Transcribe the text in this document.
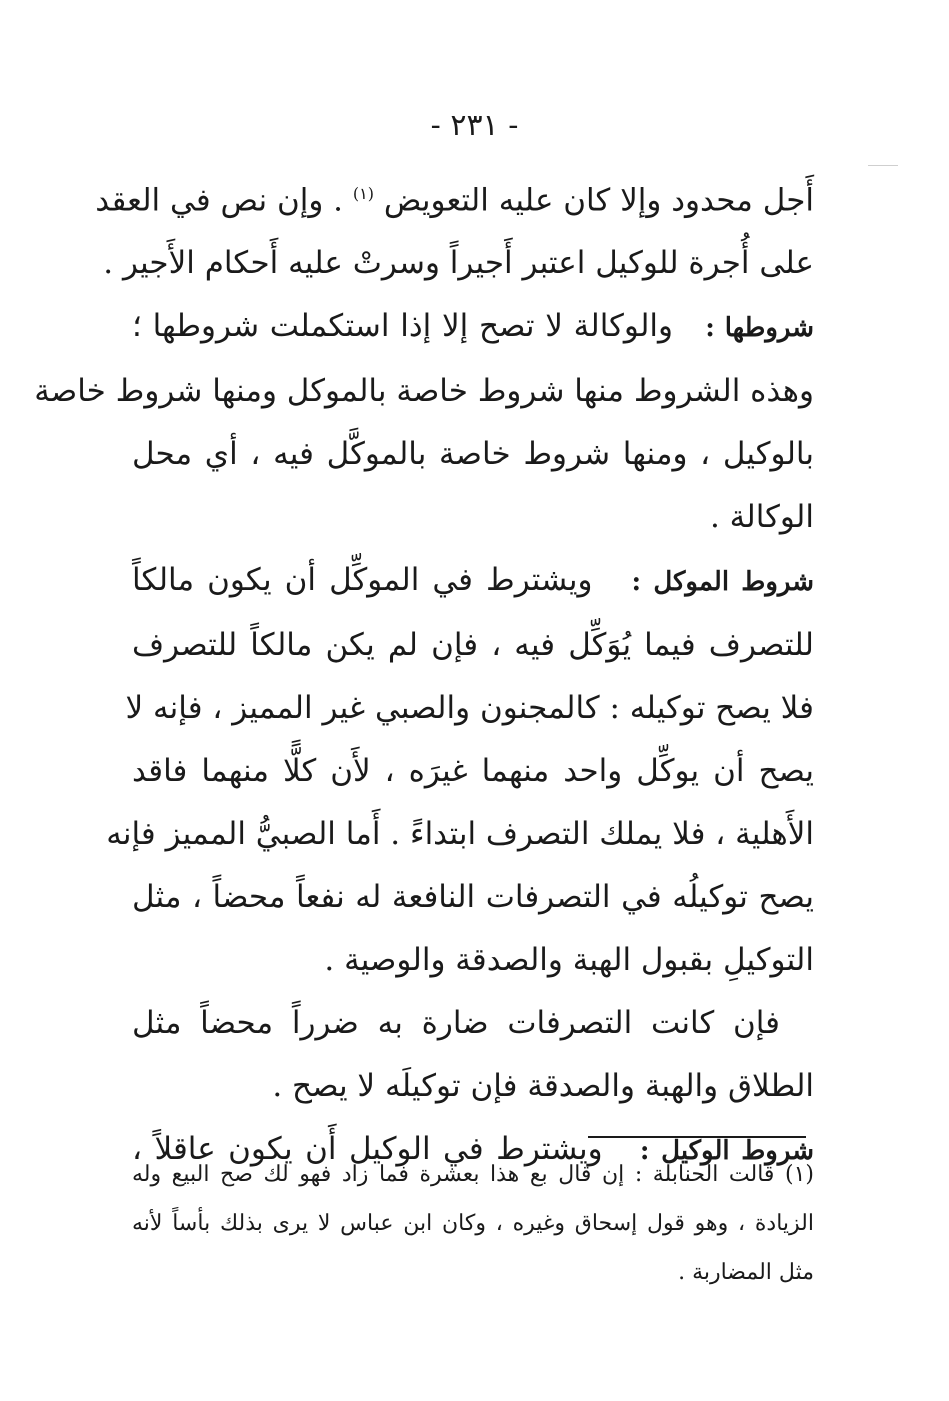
- ٢٣١ -
أَجل محدود وإلا كان عليه التعويض $^{(١)}$ . وإن نص في العقد
على أُجرة للوكيل اعتبر أَجيراً وسرتْ عليه أَحكام الأَجير .
شروطها :   والوكالة لا تصح إلا إذا استكملت شروطها ؛
وهذه الشروط منها شروط خاصة بالموكل ومنها شروط خاصة
بالوكيل ، ومنها شروط خاصة بالموكَّل فيه ، أي محل
الوكالة .
شروط الموكل :   ويشترط في الموكِّل أن يكون مالكاً
للتصرف فيما يُوَكِّل فيه ، فإن لم يكن مالكاً للتصرف
فلا يصح توكيله : كالمجنون والصبي غير المميز ، فإنه لا
يصح أن يوكِّل واحد منهما غيرَه ، لأَن كلًّا منهما فاقد
الأَهلية ، فلا يملك التصرف ابتداءً . أَما الصبيُّ المميز فإنه
يصح توكيلُه في التصرفات النافعة له نفعاً محضاً ، مثل
التوكيلِ بقبول الهبة والصدقة والوصية .
فإن كانت التصرفات ضارة به ضرراً محضاً مثل
الطلاق والهبة والصدقة فإن توكيلَه لا يصح .
شروط الوكيل :   ويشترط في الوكيل أَن يكون عاقلاً ،
(١) قالت الحنابلة : إن قال بع هذا بعشرة فما زاد فهو لك صح البيع وله
الزيادة ، وهو قول إسحاق وغيره ، وكان ابن عباس لا يرى بذلك بأساً لأنه
مثل المضاربة .
